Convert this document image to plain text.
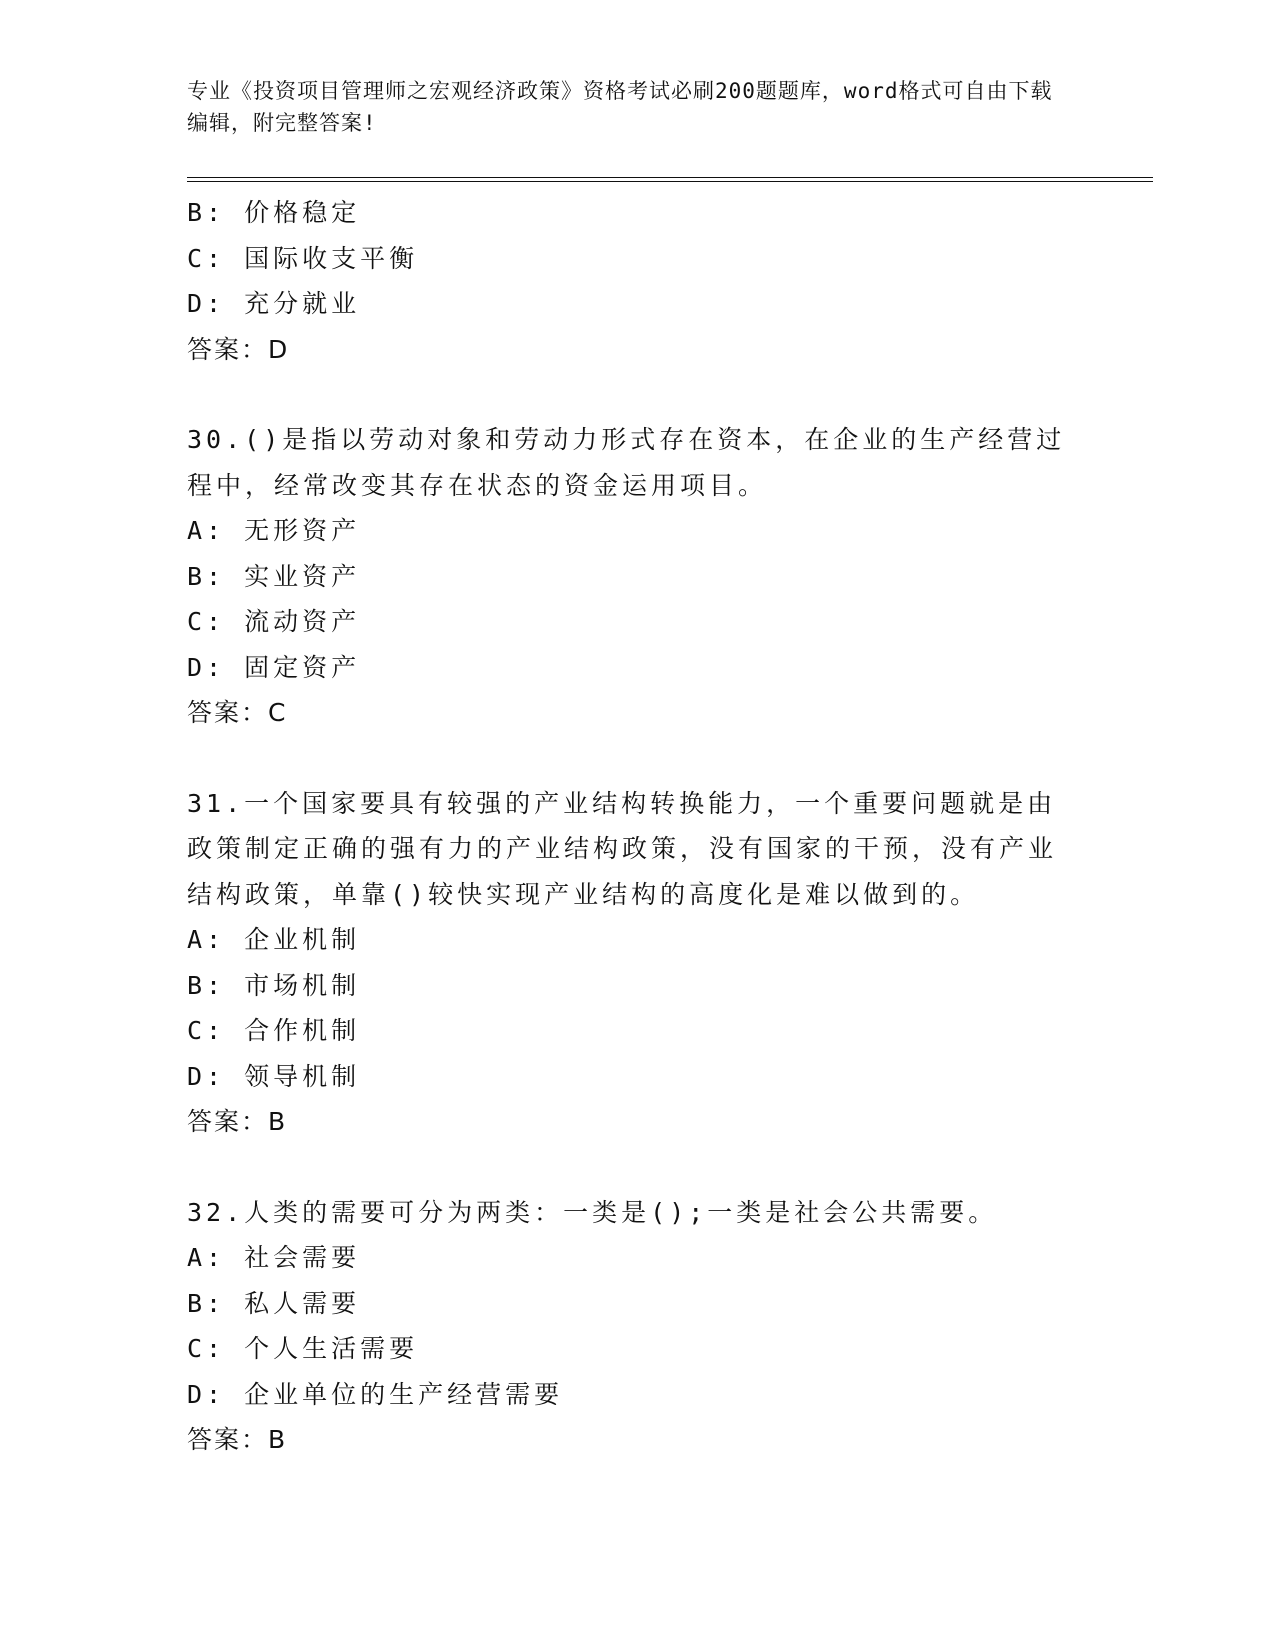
专业《投资项目管理师之宏观经济政策》资格考试必刷200题题库，word格式可自由下载编辑，附完整答案!
B: 价格稳定
C: 国际收支平衡
D: 充分就业
答案：D
30.()是指以劳动对象和劳动力形式存在资本，在企业的生产经营过程中，经常改变其存在状态的资金运用项目。
A: 无形资产
B: 实业资产
C: 流动资产
D: 固定资产
答案：C
31.一个国家要具有较强的产业结构转换能力，一个重要问题就是由政策制定正确的强有力的产业结构政策，没有国家的干预，没有产业结构政策，单靠()较快实现产业结构的高度化是难以做到的。
A: 企业机制
B: 市场机制
C: 合作机制
D: 领导机制
答案：B
32.人类的需要可分为两类：一类是();一类是社会公共需要。
A: 社会需要
B: 私人需要
C: 个人生活需要
D: 企业单位的生产经营需要
答案：B
